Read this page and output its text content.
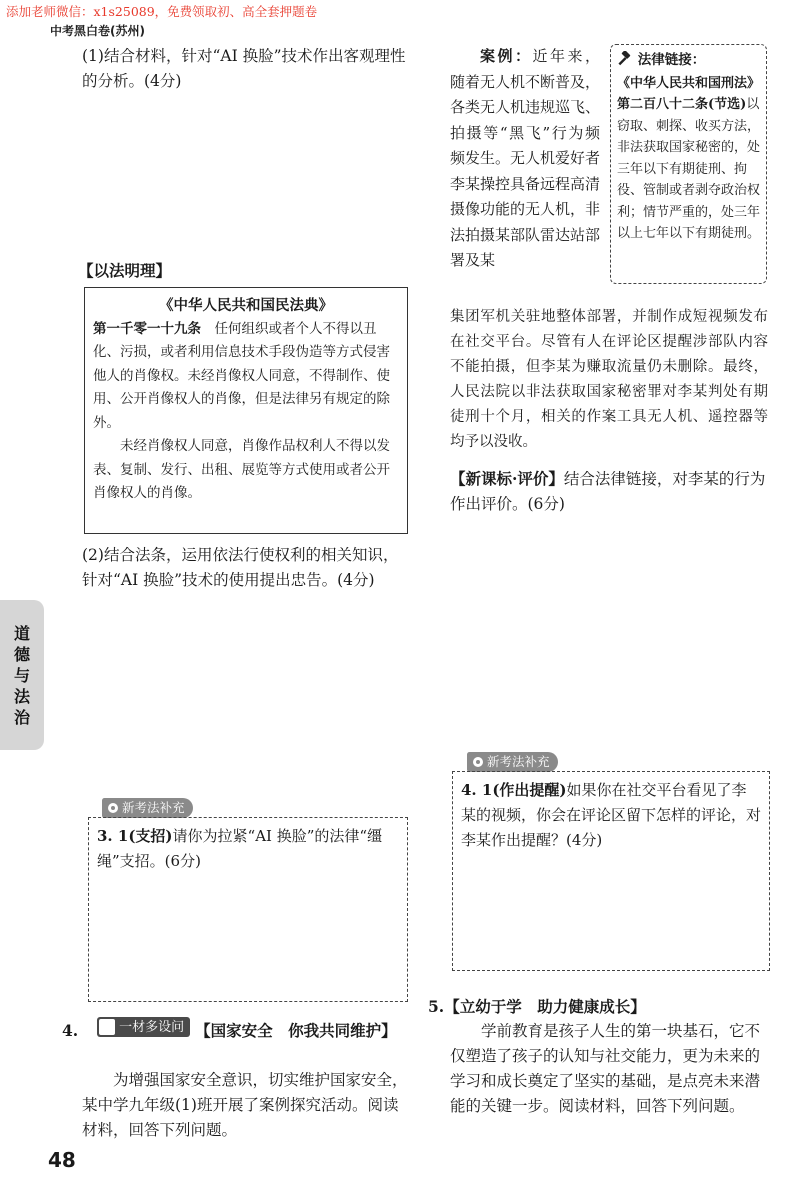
添加老师微信：x1s25089，免费领取初、高全套押题卷
中考黑白卷(苏州)
道
德
与
法
治
(1)结合材料，针对“AI 换脸”技术作出客观理性的分析。(4分)
【以法明理】
《中华人民共和国民法典》
第一千零一十九条　 任何组织或者个人不得以丑化、污损，或者利用信息技术手段伪造等方式侵害他人的肖像权。未经肖像权人同意，不得制作、使用、公开肖像权人的肖像，但是法律另有规定的除外。
未经肖像权人同意，肖像作品权利人不得以发表、复制、发行、出租、展览等方式使用或者公开肖像权人的肖像。
(2)结合法条，运用依法行使权利的相关知识，针对“AI 换脸”技术的使用提出忠告。(4分)
新考法补充
3. 1(支招)请你为拉紧“AI 换脸”的法律“缰绳”支招。(6分)
4.	一材多设问 【国家安全　你我共同维护】
为增强国家安全意识，切实维护国家安全，某中学九年级(1)班开展了案例探究活动。阅读材料，回答下列问题。
48
案例：近年来，随着无人机不断普及，各类无人机违规巡飞、拍摄等“黑飞”行为频频发生。无人机爱好者李某操控具备远程高清摄像功能的无人机，非法拍摄某部队雷达站部署及某
法律链接：
《中华人民共和国刑法》第二百八十二条(节选)以窃取、刺探、收买方法，非法获取国家秘密的，处三年以下有期徒刑、拘役、管制或者剥夺政治权利；情节严重的，处三年以上七年以下有期徒刑。
集团军机关驻地整体部署，并制作成短视频发布在社交平台。尽管有人在评论区提醒涉部队内容不能拍摄，但李某为赚取流量仍未删除。最终，人民法院以非法获取国家秘密罪对李某判处有期徒刑十个月，相关的作案工具无人机、遥控器等均予以没收。
【新课标·评价】结合法律链接，对李某的行为作出评价。(6分)
新考法补充
4. 1(作出提醒)如果你在社交平台看见了李某的视频，你会在评论区留下怎样的评论，对李某作出提醒？(4分)
5.【立幼于学　助力健康成长】
学前教育是孩子人生的第一块基石，它不仅塑造了孩子的认知与社交能力，更为未来的学习和成长奠定了坚实的基础，是点亮未来潜能的关键一步。阅读材料，回答下列问题。
